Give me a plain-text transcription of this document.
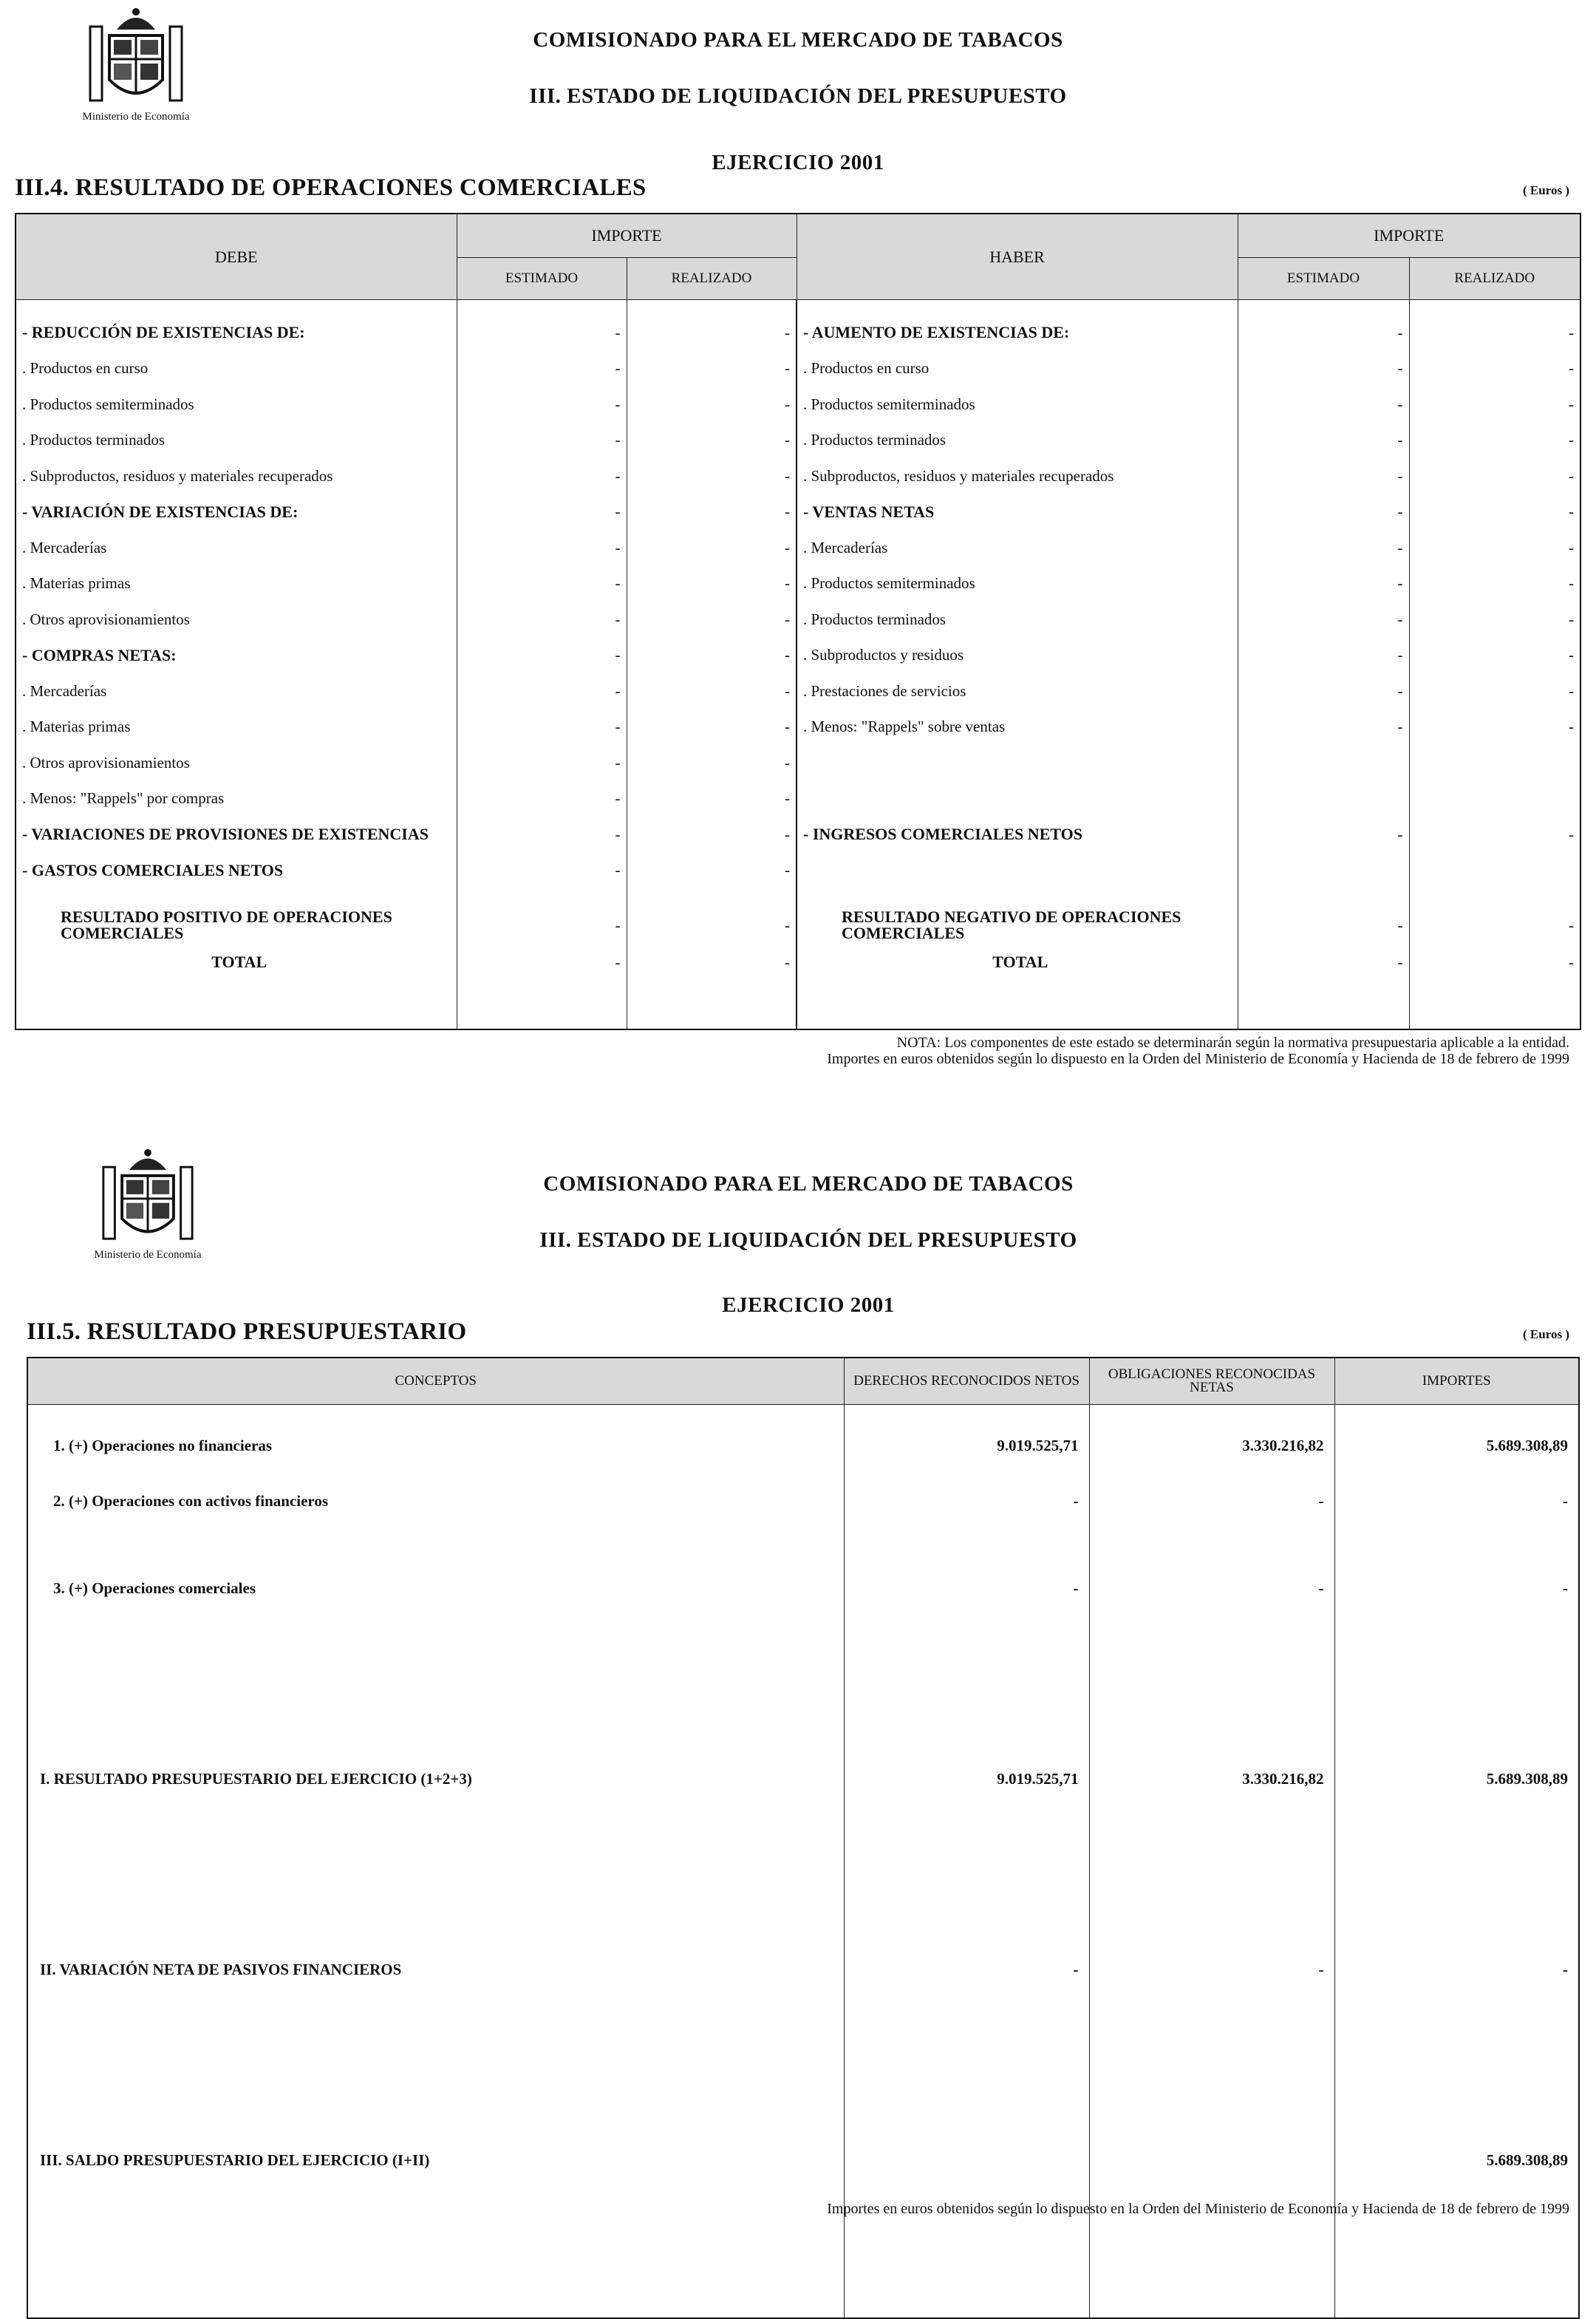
Ministerio de Economía
COMISIONADO PARA EL MERCADO DE TABACOS
III. ESTADO DE LIQUIDACIÓN DEL PRESUPUESTO
EJERCICIO 2001
III.4. RESULTADO DE OPERACIONES COMERCIALES	( Euros )
DEBE	IMPORTE		HABER	IMPORTE	
	ESTIMADO	REALIZADO		ESTIMADO	REALIZADO

- REDUCCIÓN DE EXISTENCIAS DE:	-	-	- AUMENTO DE EXISTENCIAS DE:	-	-
. Productos en curso	-	-	. Productos en curso	-	-
. Productos semiterminados	-	-	. Productos semiterminados	-	-
. Productos terminados	-	-	. Productos terminados	-	-
. Subproductos, residuos y materiales recuperados	-	-	. Subproductos, residuos y materiales recuperados	-	-
- VARIACIÓN DE EXISTENCIAS DE:	-	-	- VENTAS NETAS	-	-
. Mercaderías	-	-	. Mercaderías	-	-
. Materias primas	-	-	. Productos semiterminados	-	-
. Otros aprovisionamientos	-	-	. Productos terminados	-	-
- COMPRAS NETAS:	-	-	. Subproductos y residuos	-	-
. Mercaderías	-	-	. Prestaciones de servicios	-	-
. Materias primas	-	-	. Menos: "Rappels" sobre ventas	-	-
. Otros aprovisionamientos	-	-			
. Menos: "Rappels" por compras	-	-			
- VARIACIONES DE PROVISIONES DE EXISTENCIAS	-	-	- INGRESOS COMERCIALES NETOS	-	-
- GASTOS COMERCIALES NETOS	-	-			

RESULTADO POSITIVO DE OPERACIONES COMERCIALES	-	-	RESULTADO NEGATIVO DE OPERACIONES COMERCIALES	-	-
TOTAL	-	-	TOTAL	-	-

NOTA: Los componentes de este estado se determinarán según la normativa presupuestaria aplicable a la entidad.
Importes en euros obtenidos según lo dispuesto en la Orden del Ministerio de Economía y Hacienda de 18 de febrero de 1999
Ministerio de Economía
COMISIONADO PARA EL MERCADO DE TABACOS
III. ESTADO DE LIQUIDACIÓN DEL PRESUPUESTO
EJERCICIO 2001
III.5. RESULTADO PRESUPUESTARIO	( Euros )
CONCEPTOS	DERECHOS RECONOCIDOS NETOS	OBLIGACIONES RECONOCIDAS NETAS	IMPORTES
1. (+) Operaciones no financieras	9.019.525,71	3.330.216,82	5.689.308,89
2. (+) Operaciones con activos financieros	-	-	-
3. (+) Operaciones comerciales	-	-	-
I. RESULTADO PRESUPUESTARIO DEL EJERCICIO (1+2+3)	9.019.525,71	3.330.216,82	5.689.308,89
II. VARIACIÓN NETA DE PASIVOS FINANCIEROS	-	-	-
III. SALDO PRESUPUESTARIO DEL EJERCICIO (I+II)			5.689.308,89
Importes en euros obtenidos según lo dispuesto en la Orden del Ministerio de Economía y Hacienda de 18 de febrero de 1999
